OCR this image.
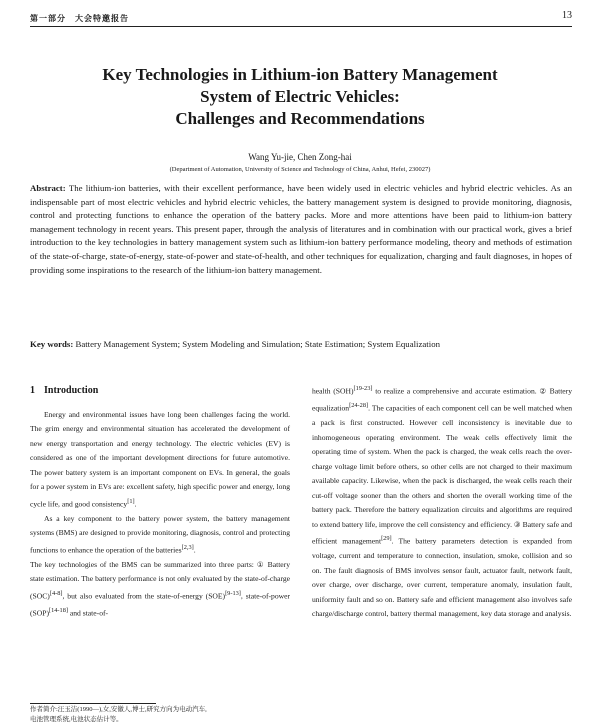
第一部分　大会特邀报告	13
Key Technologies in Lithium-ion Battery Management
System of Electric Vehicles:
Challenges and Recommendations

Wang Yu-jie, Chen Zong-hai

(Department of Automation, University of Science and Technology of China, Anhui, Hefei, 230027)

Abstract: The lithium-ion batteries, with their excellent performance, have been widely used in electric vehicles and hybrid electric vehicles. As an indispensable part of most electric vehicles and hybrid electric vehicles, the battery management system is designed to provide monitoring, diagnosis, control and protecting functions to enhance the operation of the battery packs. More and more attentions have been paid to lithium-ion battery management technology in recent years. This present paper, through the analysis of literatures and in combination with our practical work, gives a brief introduction to the key technologies in battery management system such as lithium-ion battery performance modeling, theory and methods of estimation of the state-of-charge, state-of-energy, state-of-power and state-of-health, and other techniques for equalization, charging and fault diagnoses, in hopes of providing some inspirations to the research of the lithium-ion battery management.

Key words: Battery Management System; System Modeling and Simulation; State Estimation; System Equalization

1 Introduction

Energy and environmental issues have long been challenges facing the world. The grim energy and environmental situation has accelerated the development of new energy transportation and energy technology. The electric vehicles (EV) is considered as one of the important development directions for future automotive. The power battery system is an important component on EVs. In general, the goals for a power system in EVs are: excellent safety, high specific power and energy, long cycle life, and good consistency[1].

As a key component to the battery power system, the battery management systems (BMS) are designed to provide monitoring, diagnosis, control and protecting functions to enhance the operation of the batteries[2,3].

The key technologies of the BMS can be summarized into three parts: ① Battery state estimation. The battery performance is not only evaluated by the state-of-charge (SOC)[4-8], but also evaluated from the state-of-energy (SOE)[9-13], state-of-power (SOP)[14-18] and state-of-

health (SOH)[19-23] to realize a comprehensive and accurate estimation. ② Battery equalization[24-28]. The capacities of each component cell can be well matched when a pack is first constructed. However cell inconsistency is inevitable due to inhomogeneous operating environment. The weak cells effectively limit the operating time of system. When the pack is charged, the weak cells reach the over-charge voltage limit before others, so other cells are not charged to their maximum available capacity. Likewise, when the pack is discharged, the weak cells reach their cut-off voltage sooner than the others and shorten the overall working time of the battery pack. Therefore the battery equalization circuits and algorithms are required to extend battery life, improve the cell consistency and efficiency. ③ Battery safe and efficient management[29]. The battery parameters detection is expanded from voltage, current and temperature to connection, insulation, smoke, collision and so on. The fault diagnosis of BMS involves sensor fault, actuator fault, network fault, over charge, over discharge, over current, temperature anomaly, insulation fault, uniformity fault and so on. Battery safe and efficient management also involves safe charge/discharge control, battery thermal management, key data storage and analysis.

作者简介:汪玉洁(1990—),女,安徽人,博士,研究方向为电动汽车,
电池管理系统,电池状态估计等。
